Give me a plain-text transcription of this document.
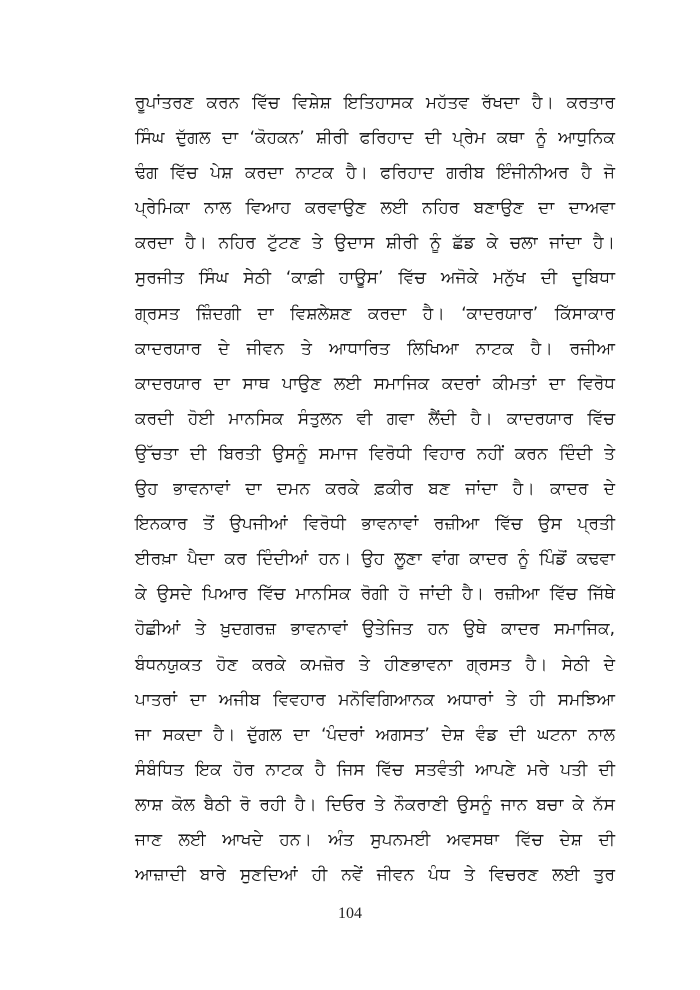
ਰੂਪਾਂਤਰਣ ਕਰਨ ਵਿੱਚ ਵਿਸ਼ੇਸ਼ ਇਤਿਹਾਸਕ ਮਹੱਤਵ ਰੱਖਦਾ ਹੈ। ਕਰਤਾਰ
ਸਿੰਘ ਦੁੱਗਲ ਦਾ ‘ਕੋਹਕਨ’ ਸ਼ੀਰੀ ਫਰਿਹਾਦ ਦੀ ਪ੍ਰੇਮ ਕਥਾ ਨੂੰ ਆਧੁਨਿਕ
ਢੰਗ ਵਿੱਚ ਪੇਸ਼ ਕਰਦਾ ਨਾਟਕ ਹੈ। ਫਰਿਹਾਦ ਗਰੀਬ ਇੰਜੀਨੀਅਰ ਹੈ ਜੋ
ਪ੍ਰੇਮਿਕਾ ਨਾਲ ਵਿਆਹ ਕਰਵਾਉਣ ਲਈ ਨਹਿਰ ਬਣਾਉਣ ਦਾ ਦਾਅਵਾ
ਕਰਦਾ ਹੈ। ਨਹਿਰ ਟੁੱਟਣ ਤੇ ਉਦਾਸ ਸ਼ੀਰੀ ਨੂੰ ਛੱਡ ਕੇ ਚਲਾ ਜਾਂਦਾ ਹੈ।
ਸੁਰਜੀਤ ਸਿੰਘ ਸੇਠੀ ‘ਕਾਫ਼ੀ ਹਾਊਸ’ ਵਿੱਚ ਅਜੋਕੇ ਮਨੁੱਖ ਦੀ ਦੁਬਿਧਾ
ਗ੍ਰਸਤ ਜ਼ਿੰਦਗੀ ਦਾ ਵਿਸ਼ਲੇਸ਼ਣ ਕਰਦਾ ਹੈ। ‘ਕਾਦਰਯਾਰ’ ਕਿੱਸਾਕਾਰ
ਕਾਦਰਯਾਰ ਦੇ ਜੀਵਨ ਤੇ ਆਧਾਰਿਤ ਲਿਖਿਆ ਨਾਟਕ ਹੈ। ਰਜੀਆ
ਕਾਦਰਯਾਰ ਦਾ ਸਾਥ ਪਾਉਣ ਲਈ ਸਮਾਜਿਕ ਕਦਰਾਂ ਕੀਮਤਾਂ ਦਾ ਵਿਰੋਧ
ਕਰਦੀ ਹੋਈ ਮਾਨਸਿਕ ਸੰਤੁਲਨ ਵੀ ਗਵਾ ਲੈਂਦੀ ਹੈ। ਕਾਦਰਯਾਰ ਵਿੱਚ
ਉੱਚਤਾ ਦੀ ਬਿਰਤੀ ਉਸਨੂੰ ਸਮਾਜ ਵਿਰੋਧੀ ਵਿਹਾਰ ਨਹੀਂ ਕਰਨ ਦਿੰਦੀ ਤੇ
ਉਹ ਭਾਵਨਾਵਾਂ ਦਾ ਦਮਨ ਕਰਕੇ ਫ਼ਕੀਰ ਬਣ ਜਾਂਦਾ ਹੈ। ਕਾਦਰ ਦੇ
ਇਨਕਾਰ ਤੋਂ ਉਪਜੀਆਂ ਵਿਰੋਧੀ ਭਾਵਨਾਵਾਂ ਰਜ਼ੀਆ ਵਿੱਚ ਉਸ ਪ੍ਰਤੀ
ਈਰਖ਼ਾ ਪੈਦਾ ਕਰ ਦਿੰਦੀਆਂ ਹਨ। ਉਹ ਲੂਣਾ ਵਾਂਗ ਕਾਦਰ ਨੂੰ ਪਿੰਡੋਂ ਕਢਵਾ
ਕੇ ਉਸਦੇ ਪਿਆਰ ਵਿੱਚ ਮਾਨਸਿਕ ਰੋਗੀ ਹੋ ਜਾਂਦੀ ਹੈ। ਰਜ਼ੀਆ ਵਿੱਚ ਜਿੱਥੇ
ਹੋਛੀਆਂ ਤੇ ਖ਼ੁਦਗਰਜ਼ ਭਾਵਨਾਵਾਂ ਉਤੇਜਿਤ ਹਨ ਉਥੇ ਕਾਦਰ ਸਮਾਜਿਕ,
ਬੰਧਨਯੁਕਤ ਹੋਣ ਕਰਕੇ ਕਮਜ਼ੋਰ ਤੇ ਹੀਣਭਾਵਨਾ ਗ੍ਰਸਤ ਹੈ। ਸੇਠੀ ਦੇ
ਪਾਤਰਾਂ ਦਾ ਅਜੀਬ ਵਿਵਹਾਰ ਮਨੋਵਿਗਿਆਨਕ ਅਧਾਰਾਂ ਤੇ ਹੀ ਸਮਝਿਆ
ਜਾ ਸਕਦਾ ਹੈ। ਦੁੱਗਲ ਦਾ ‘ਪੰਦਰਾਂ ਅਗਸਤ’ ਦੇਸ਼ ਵੰਡ ਦੀ ਘਟਨਾ ਨਾਲ
ਸੰਬੰਧਿਤ ਇਕ ਹੋਰ ਨਾਟਕ ਹੈ ਜਿਸ ਵਿੱਚ ਸਤਵੰਤੀ ਆਪਣੇ ਮਰੇ ਪਤੀ ਦੀ
ਲਾਸ਼ ਕੋਲ ਬੈਠੀ ਰੋ ਰਹੀ ਹੈ। ਦਿਓਰ ਤੇ ਨੌਕਰਾਣੀ ਉਸਨੂੰ ਜਾਨ ਬਚਾ ਕੇ ਨੱਸ
ਜਾਣ ਲਈ ਆਖਦੇ ਹਨ। ਅੰਤ ਸੁਪਨਮਈ ਅਵਸਥਾ ਵਿੱਚ ਦੇਸ਼ ਦੀ
ਆਜ਼ਾਦੀ ਬਾਰੇ ਸੁਣਦਿਆਂ ਹੀ ਨਵੇਂ ਜੀਵਨ ਪੰਧ ਤੇ ਵਿਚਰਣ ਲਈ ਤੁਰ
104
